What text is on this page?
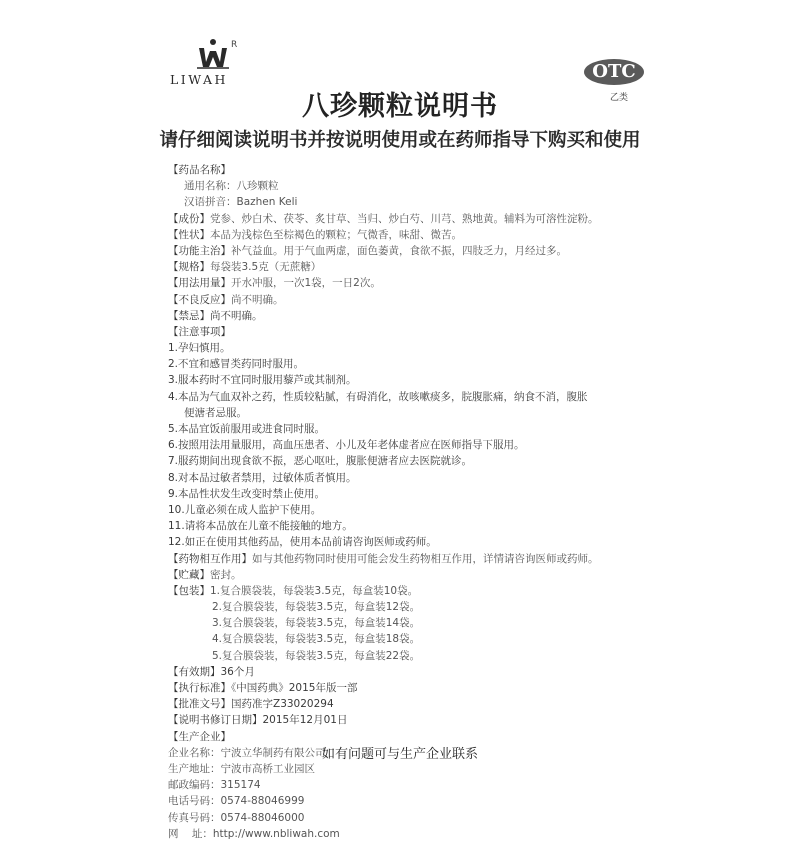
R
LIWAH	OTC
乙类
八珍颗粒说明书
请仔细阅读说明书并按说明使用或在药师指导下购买和使用
【药品名称】
通用名称：八珍颗粒
汉语拼音：Bazhen Keli
【成份】党参、炒白术、茯苓、炙甘草、当归、炒白芍、川芎、熟地黄。辅料为可溶性淀粉。
【性状】本品为浅棕色至棕褐色的颗粒；气微香，味甜、微苦。
【功能主治】补气益血。用于气血两虚，面色萎黄，食欲不振，四肢乏力，月经过多。
【规格】每袋装3.5克（无蔗糖）
【用法用量】开水冲服，一次1袋，一日2次。
【不良反应】尚不明确。
【禁忌】尚不明确。
【注意事项】
1.孕妇慎用。
2.不宜和感冒类药同时服用。
3.服本药时不宜同时服用藜芦或其制剂。
4.本品为气血双补之药，性质较粘腻，有碍消化，故咳嗽痰多，脘腹胀痛，纳食不消，腹胀
便溏者忌服。
5.本品宜饭前服用或进食同时服。
6.按照用法用量服用，高血压患者、小儿及年老体虚者应在医师指导下服用。
7.服药期间出现食欲不振，恶心呕吐，腹胀便溏者应去医院就诊。
8.对本品过敏者禁用，过敏体质者慎用。
9.本品性状发生改变时禁止使用。
10.儿童必须在成人监护下使用。
11.请将本品放在儿童不能接触的地方。
12.如正在使用其他药品，使用本品前请咨询医师或药师。
【药物相互作用】如与其他药物同时使用可能会发生药物相互作用，详情请咨询医师或药师。
【贮藏】密封。
【包装】1.复合膜袋装，每袋装3.5克，每盒装10袋。
2.复合膜袋装，每袋装3.5克，每盒装12袋。
3.复合膜袋装，每袋装3.5克，每盒装14袋。
4.复合膜袋装，每袋装3.5克，每盒装18袋。
5.复合膜袋装，每袋装3.5克，每盒装22袋。
【有效期】36个月
【执行标准】《中国药典》2015年版一部
【批准文号】国药准字Z33020294
【说明书修订日期】2015年12月01日
【生产企业】
企业名称：宁波立华制药有限公司
生产地址：宁波市高桥工业园区
邮政编码：315174
电话号码：0574-88046999
传真号码：0574-88046000
网    址：http://www.nbliwah.com
如有问题可与生产企业联系
